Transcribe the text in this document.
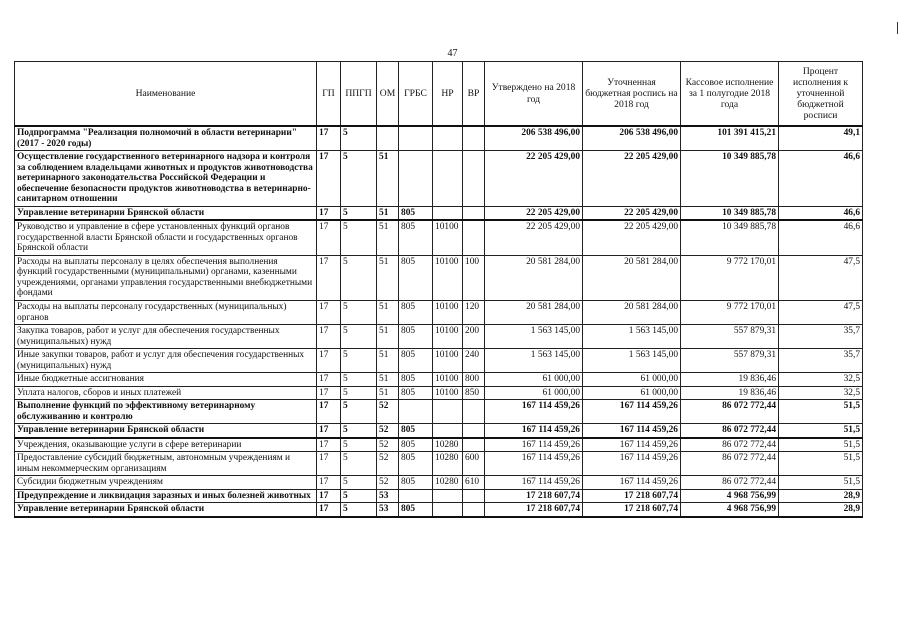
47
Наименование	ГП	ППГП	ОМ	ГРБС	НР	ВР	Утверждено на 2018 год	Уточненная бюджетная роспись на 2018 год	Кассовое исполнение за 1 полугодие 2018 года	Процент исполнения к уточненной бюджетной росписи
Подпрограмма "Реализация полномочий в области ветеринарии" (2017 - 2020 годы)	17	5					206 538 496,00	206 538 496,00	101 391 415,21	49,1
Осуществление государственного ветеринарного надзора и контроля за соблюдением владельцами животных и продуктов животноводства ветеринарного законодательства Российской Федерации и обеспечение безопасности продуктов животноводства в ветеринарно-санитарном отношении	17	5	51				22 205 429,00	22 205 429,00	10 349 885,78	46,6
Управление ветеринарии Брянской области	17	5	51	805			22 205 429,00	22 205 429,00	10 349 885,78	46,6
Руководство и управление в сфере установленных функций органов государственной власти Брянской области и государственных органов Брянской области	17	5	51	805	10100		22 205 429,00	22 205 429,00	10 349 885,78	46,6
Расходы на выплаты персоналу в целях обеспечения выполнения функций государственными (муниципальными) органами, казенными учреждениями, органами управления государственными внебюджетными фондами	17	5	51	805	10100	100	20 581 284,00	20 581 284,00	9 772 170,01	47,5
Расходы на выплаты персоналу государственных (муниципальных) органов	17	5	51	805	10100	120	20 581 284,00	20 581 284,00	9 772 170,01	47,5
Закупка товаров, работ и услуг для обеспечения государственных (муниципальных) нужд	17	5	51	805	10100	200	1 563 145,00	1 563 145,00	557 879,31	35,7
Иные закупки товаров, работ и услуг для обеспечения государственных (муниципальных) нужд	17	5	51	805	10100	240	1 563 145,00	1 563 145,00	557 879,31	35,7
Иные бюджетные ассигнования	17	5	51	805	10100	800	61 000,00	61 000,00	19 836,46	32,5
Уплата налогов, сборов и иных платежей	17	5	51	805	10100	850	61 000,00	61 000,00	19 836,46	32,5
Выполнение функций по эффективному ветеринарному обслуживанию и контролю	17	5	52				167 114 459,26	167 114 459,26	86 072 772,44	51,5
Управление ветеринарии Брянской области	17	5	52	805			167 114 459,26	167 114 459,26	86 072 772,44	51,5
Учреждения, оказывающие услуги в сфере ветеринарии	17	5	52	805	10280		167 114 459,26	167 114 459,26	86 072 772,44	51,5
Предоставление субсидий бюджетным, автономным учреждениям и иным некоммерческим организациям	17	5	52	805	10280	600	167 114 459,26	167 114 459,26	86 072 772,44	51,5
Субсидии бюджетным учреждениям	17	5	52	805	10280	610	167 114 459,26	167 114 459,26	86 072 772,44	51,5
Предупреждение и ликвидация заразных и иных болезней животных	17	5	53				17 218 607,74	17 218 607,74	4 968 756,99	28,9
Управление ветеринарии Брянской области	17	5	53	805			17 218 607,74	17 218 607,74	4 968 756,99	28,9
